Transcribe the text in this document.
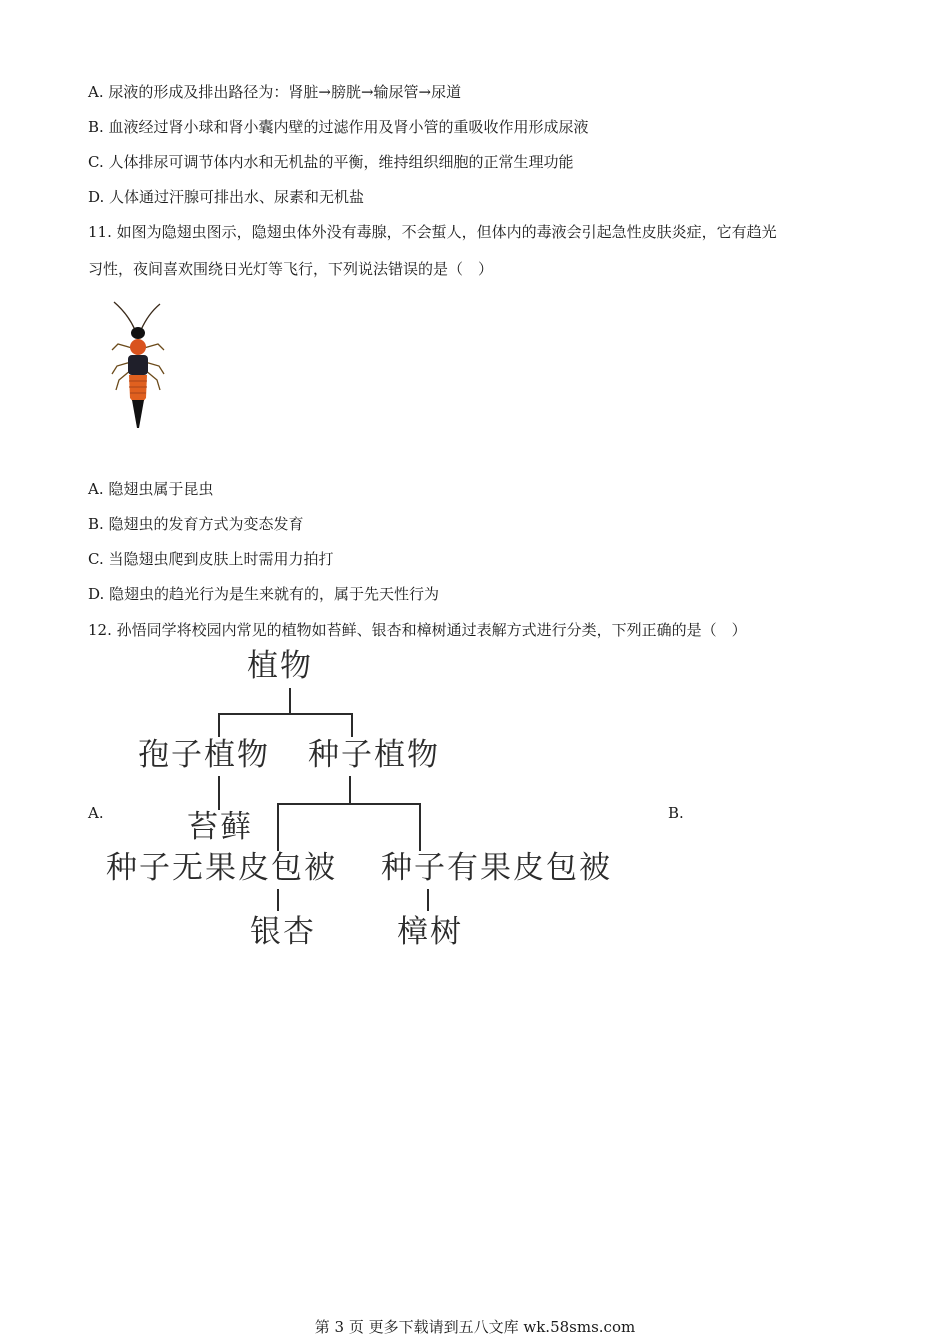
A. 尿液的形成及排出路径为：肾脏→膀胱→输尿管→尿道
B. 血液经过肾小球和肾小囊内壁的过滤作用及肾小管的重吸收作用形成尿液
C. 人体排尿可调节体内水和无机盐的平衡，维持组织细胞的正常生理功能
D. 人体通过汗腺可排出水、尿素和无机盐
11. 如图为隐翅虫图示，隐翅虫体外没有毒腺，不会蜇人，但体内的毒液会引起急性皮肤炎症，它有趋光
习性，夜间喜欢围绕日光灯等飞行，下列说法错误的是（　）
A. 隐翅虫属于昆虫
B. 隐翅虫的发育方式为变态发育
C. 当隐翅虫爬到皮肤上时需用力拍打
D. 隐翅虫的趋光行为是生来就有的，属于先天性行为
12. 孙悟同学将校园内常见的植物如苔鲜、银杏和樟树通过表解方式进行分类，下列正确的是（　）
植物
孢子植物 种子植物
苔藓
种子无果皮包被 种子有果皮包被
银杏	樟树
A.	B.
第 3 页 更多下载请到五八文库 wk.58sms.com
